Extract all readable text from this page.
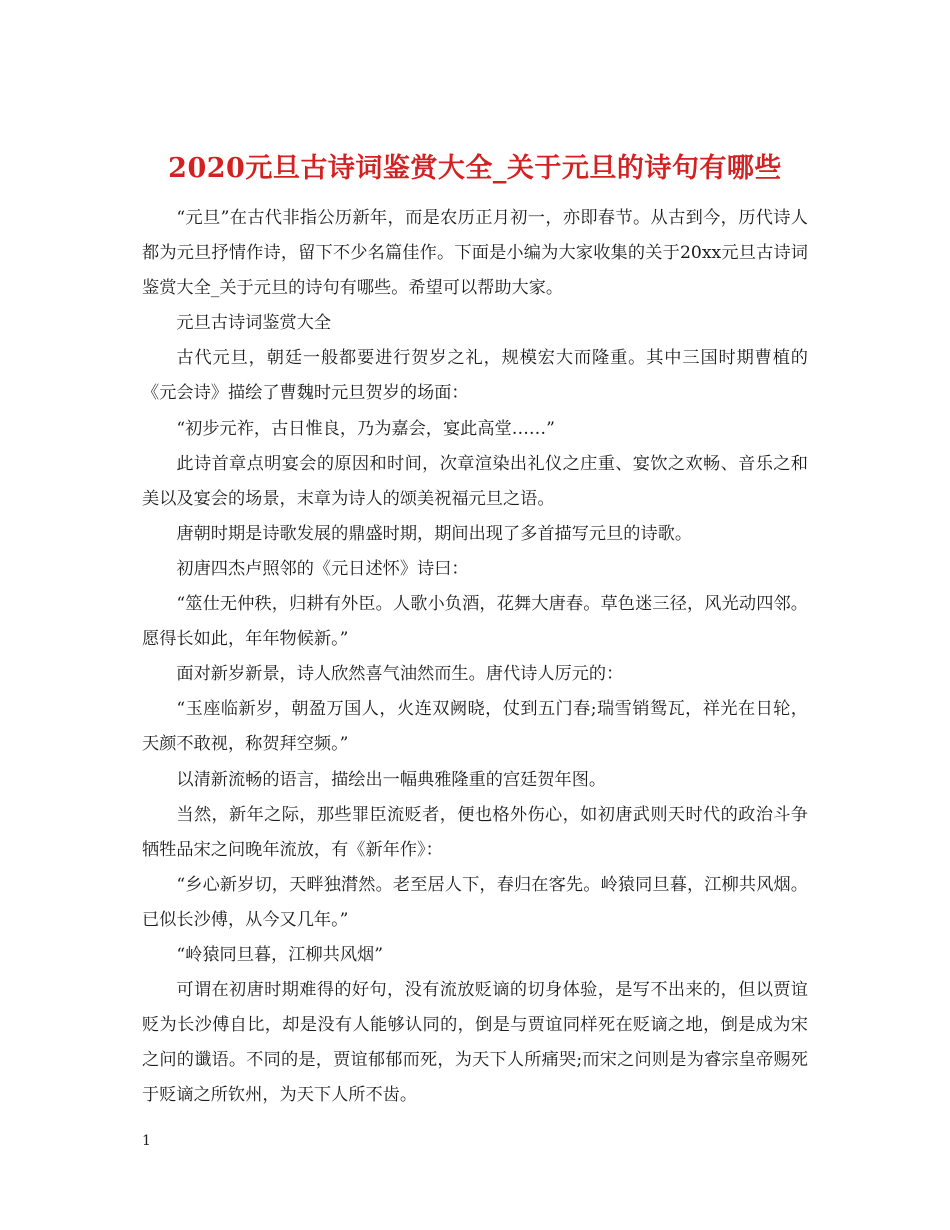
2020元旦古诗词鉴赏大全_关于元旦的诗句有哪些

“元旦”在古代非指公历新年，而是农历正月初一，亦即春节。从古到今，历代诗人都为元旦抒情作诗，留下不少名篇佳作。下面是小编为大家收集的关于20xx元旦古诗词鉴赏大全_关于元旦的诗句有哪些。希望可以帮助大家。

元旦古诗词鉴赏大全

古代元旦，朝廷一般都要进行贺岁之礼，规模宏大而隆重。其中三国时期曹植的《元会诗》描绘了曹魏时元旦贺岁的场面：

“初步元祚，古日惟良，乃为嘉会，宴此高堂……”

此诗首章点明宴会的原因和时间，次章渲染出礼仪之庄重、宴饮之欢畅、音乐之和美以及宴会的场景，末章为诗人的颂美祝福元旦之语。

唐朝时期是诗歌发展的鼎盛时期，期间出现了多首描写元旦的诗歌。

初唐四杰卢照邻的《元日述怀》诗曰：

“筮仕无仲秩，归耕有外臣。人歌小负酒，花舞大唐春。草色迷三径，风光动四邻。愿得长如此，年年物候新。”

面对新岁新景，诗人欣然喜气油然而生。唐代诗人厉元的：

“玉座临新岁，朝盈万国人，火连双阙晓，仗到五门春;瑞雪销鸳瓦，祥光在日轮，天颜不敢视，称贺拜空频。”

以清新流畅的语言，描绘出一幅典雅隆重的宫廷贺年图。

当然，新年之际，那些罪臣流贬者，便也格外伤心，如初唐武则天时代的政治斗争牺牲品宋之问晚年流放，有《新年作》：

“乡心新岁切，天畔独潸然。老至居人下，春归在客先。岭猿同旦暮，江柳共风烟。已似长沙傅，从今又几年。”

“岭猿同旦暮，江柳共风烟”

可谓在初唐时期难得的好句，没有流放贬谪的切身体验，是写不出来的，但以贾谊贬为长沙傅自比，却是没有人能够认同的，倒是与贾谊同样死在贬谪之地，倒是成为宋之问的谶语。不同的是，贾谊郁郁而死，为天下人所痛哭;而宋之问则是为睿宗皇帝赐死于贬谪之所钦州，为天下人所不齿。

1
